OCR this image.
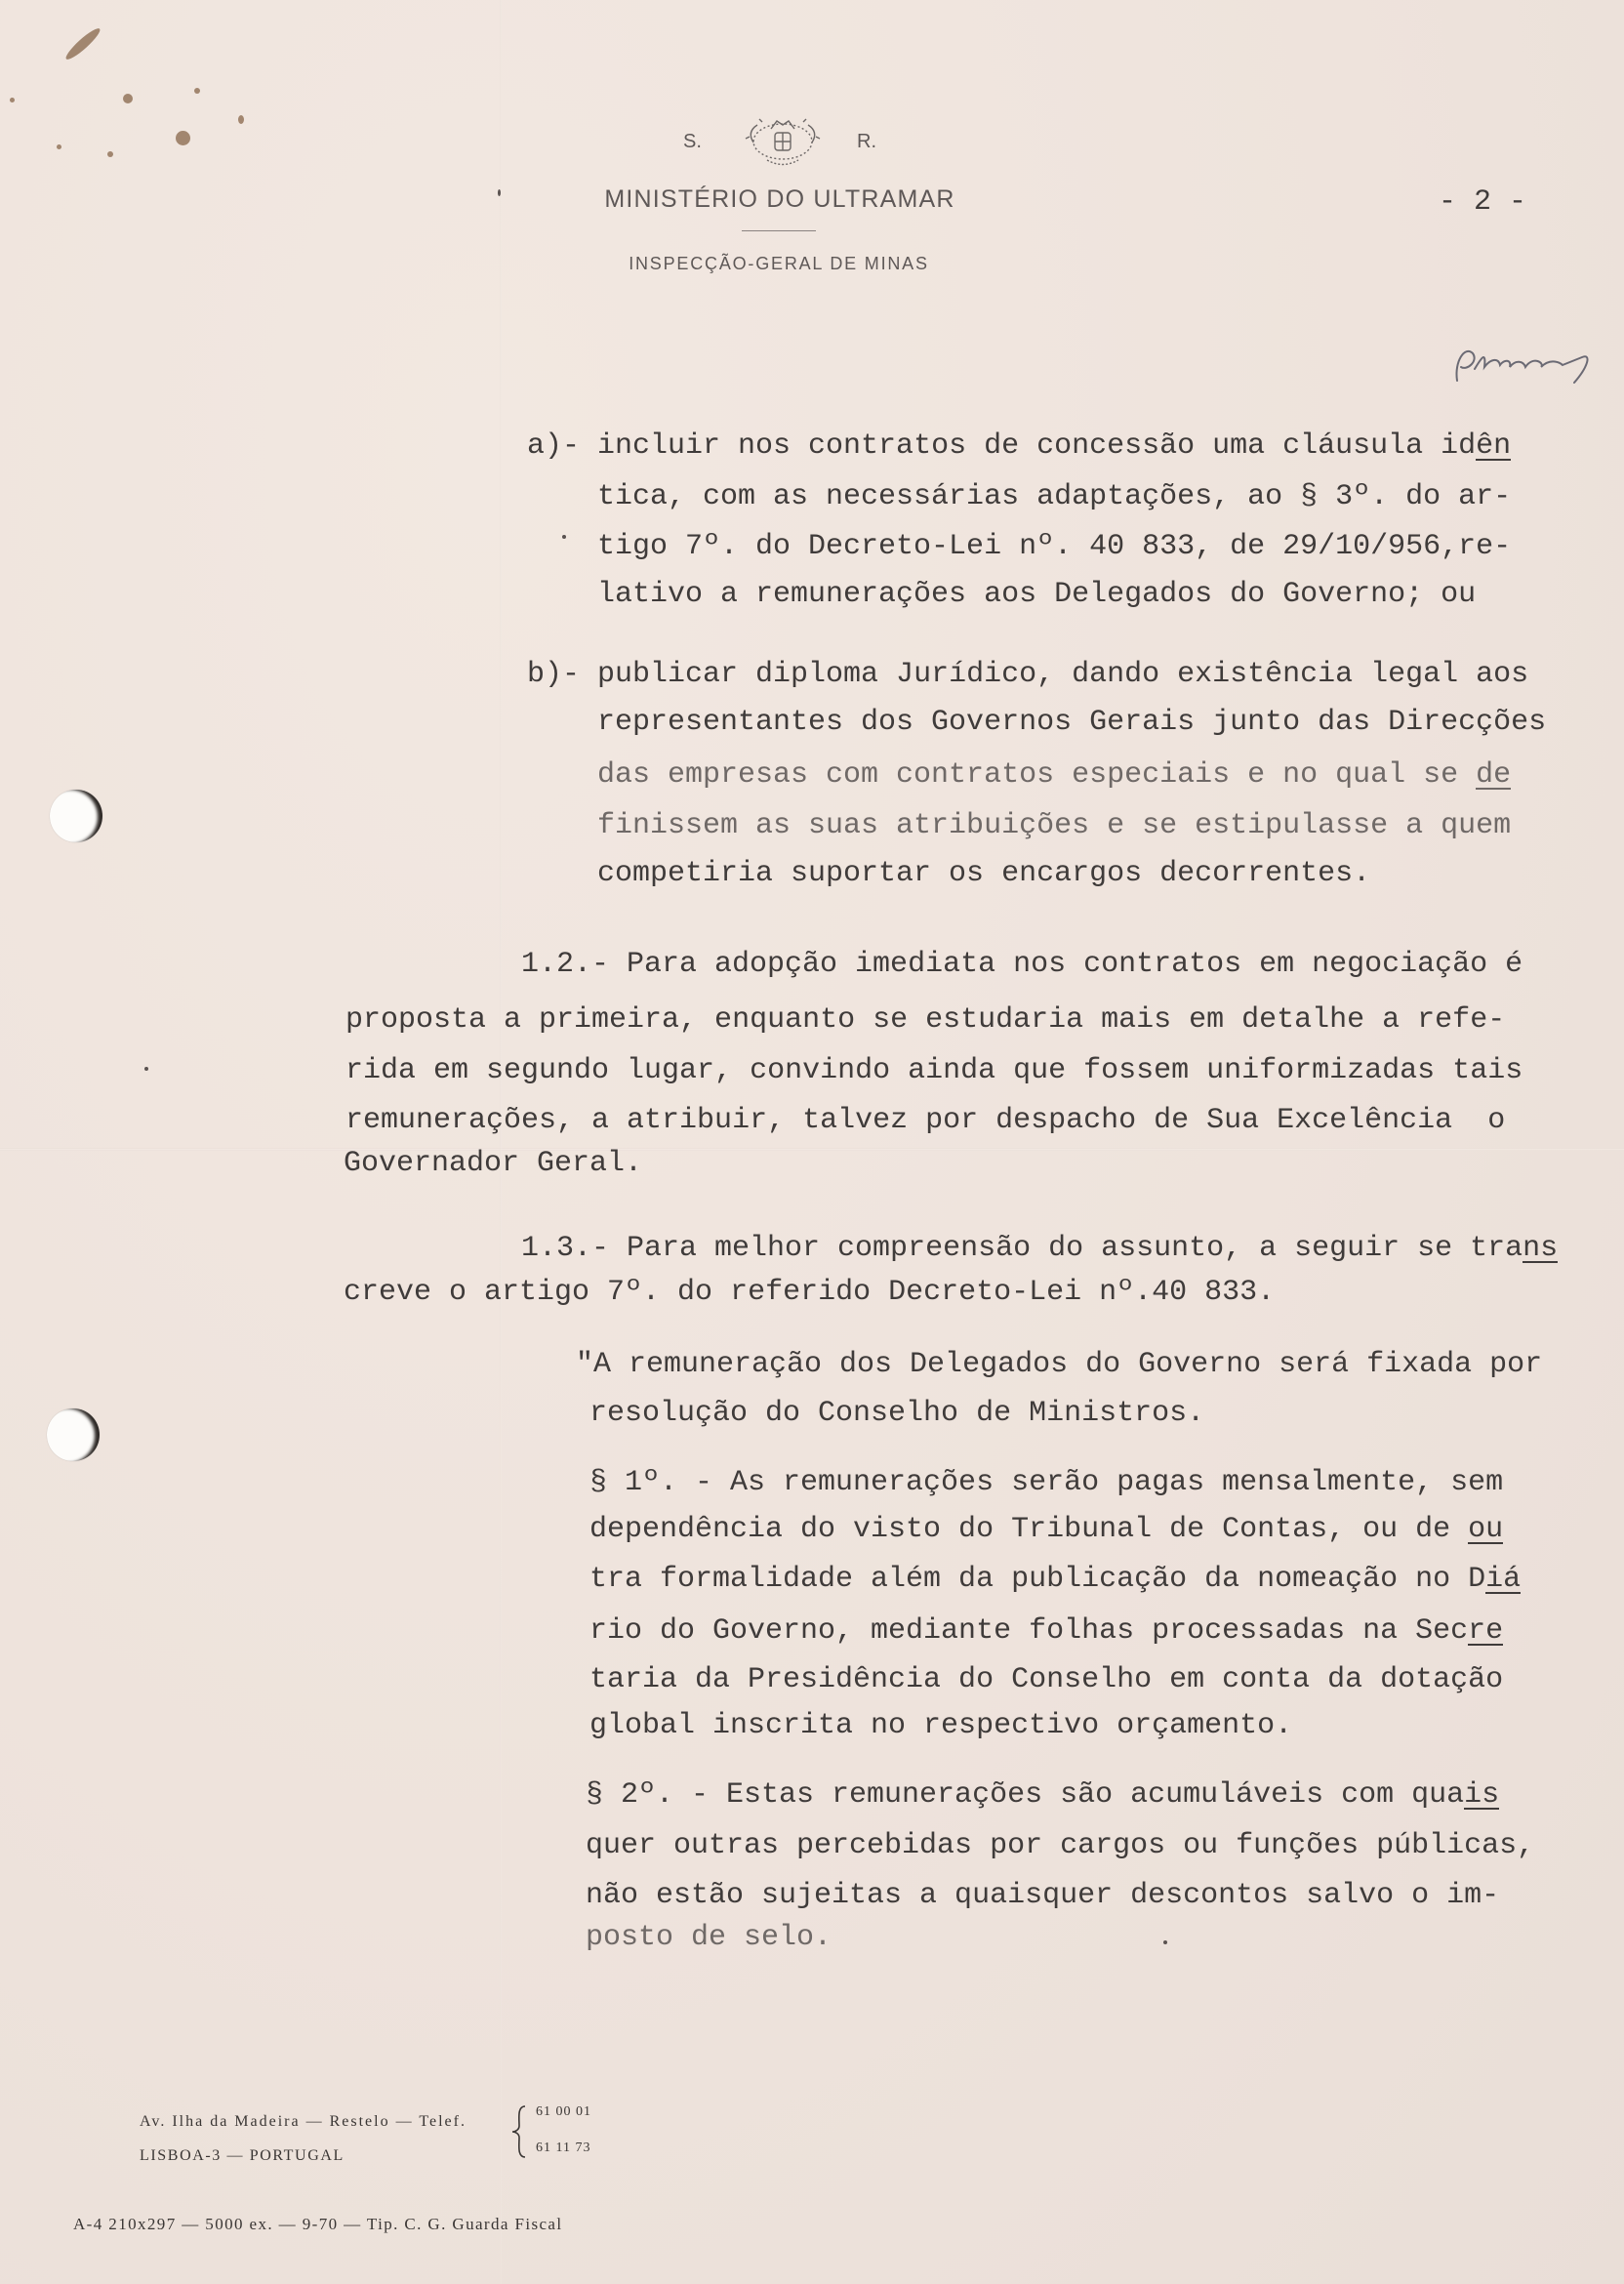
S.	R.
MINISTÉRIO DO ULTRAMAR
INSPECÇÃO-GERAL DE MINAS
- 2 -
a)- incluir nos contratos de concessão uma cláusula idên
tica, com as necessárias adaptações, ao § 3º. do ar-
tigo 7º. do Decreto-Lei nº. 40 833, de 29/10/956,re-
lativo a remunerações aos Delegados do Governo; ou
b)- publicar diploma Jurídico, dando existência legal aos
representantes dos Governos Gerais junto das Direcções
das empresas com contratos especiais e no qual se de
finissem as suas atribuições e se estipulasse a quem
competiria suportar os encargos decorrentes.
1.2.- Para adopção imediata nos contratos em negociação é
proposta a primeira, enquanto se estudaria mais em detalhe a refe-
rida em segundo lugar, convindo ainda que fossem uniformizadas tais
remunerações, a atribuir, talvez por despacho de Sua Excelência  o
Governador Geral.
1.3.- Para melhor compreensão do assunto, a seguir se trans
creve o artigo 7º. do referido Decreto-Lei nº.40 833.
"A remuneração dos Delegados do Governo será fixada por
resolução do Conselho de Ministros.
§ 1º. - As remunerações serão pagas mensalmente, sem
dependência do visto do Tribunal de Contas, ou de ou
tra formalidade além da publicação da nomeação no Diá
rio do Governo, mediante folhas processadas na Secre
taria da Presidência do Conselho em conta da dotação
global inscrita no respectivo orçamento.
§ 2º. - Estas remunerações são acumuláveis com quais
quer outras percebidas por cargos ou funções públicas,
não estão sujeitas a quaisquer descontos salvo o im-
posto de selo.
Av. Ilha da Madeira — Restelo — Telef.
61 00 01
61 11 73
LISBOA-3 — PORTUGAL
A-4 210x297 — 5000 ex. — 9-70 — Tip. C. G. Guarda Fiscal
